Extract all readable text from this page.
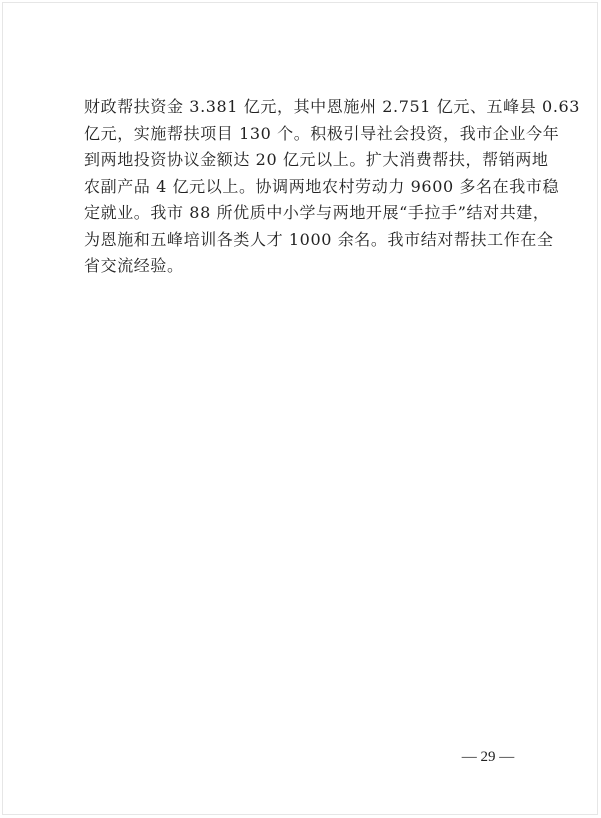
财政帮扶资金 3.381 亿元，其中恩施州 2.751 亿元、五峰县 0.63
亿元，实施帮扶项目 130 个。积极引导社会投资，我市企业今年
到两地投资协议金额达 20 亿元以上。扩大消费帮扶，帮销两地
农副产品 4 亿元以上。协调两地农村劳动力 9600 多名在我市稳
定就业。我市 88 所优质中小学与两地开展“手拉手”结对共建，
为恩施和五峰培训各类人才 1000 余名。我市结对帮扶工作在全
省交流经验。

— 29 —
